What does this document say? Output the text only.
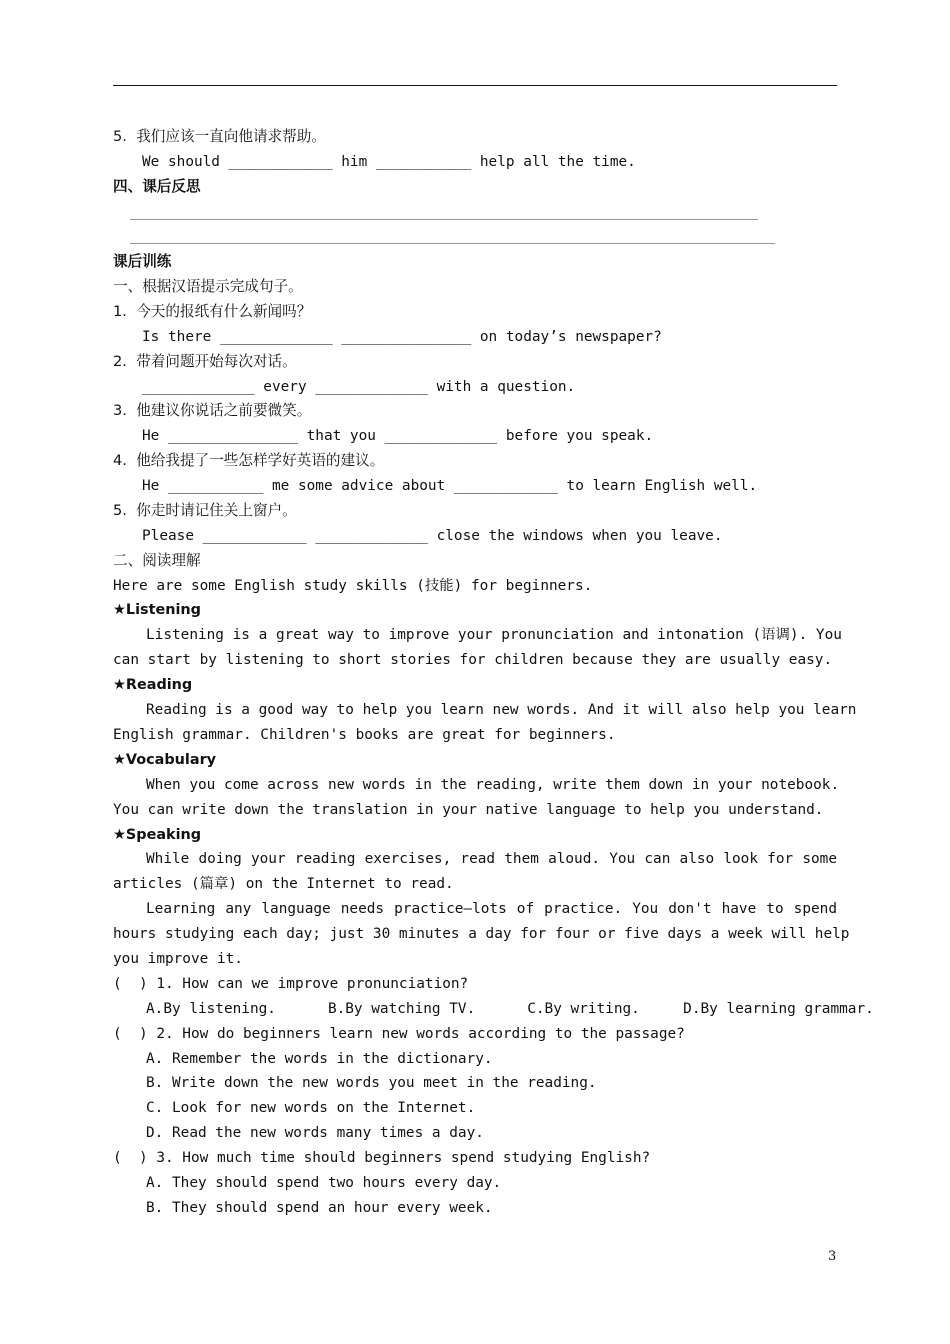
5.  我们应该一直向他请求帮助。
We should ____________ him ___________ help all the time.
四、课后反思
课后训练
一、根据汉语提示完成句子。
1.  今天的报纸有什么新闻吗？
Is there _____________ _______________ on today’s newspaper?
2.  带着问题开始每次对话。
_____________ every _____________ with a question.
3.  他建议你说话之前要微笑。
He _______________ that you _____________ before you speak.
4.  他给我提了一些怎样学好英语的建议。
He ___________ me some advice about ____________ to learn English well.
5.  你走时请记住关上窗户。
Please ____________ _____________ close the windows when you leave.
二、阅读理解
Here are some English study skills (技能) for beginners.
★Listening
Listening is a great way to improve your pronunciation and intonation (语调). You
can start by listening to short stories for children because they are usually easy.
★Reading
Reading is a good way to help you learn new words. And it will also help you learn
English grammar. Children's books are great for beginners.
★Vocabulary
When you come across new words in the reading, write them down in your notebook.
You can write down the translation in your native language to help you understand.
★Speaking
While doing your reading exercises, read them aloud. You can also look for some
articles (篇章) on the Internet to read.
Learning any language needs practice—lots of practice. You don't have to spend
hours studying each day; just 30 minutes a day for four or five days a week will help
you improve it.
(  ) 1. How can we improve pronunciation?
A.By listening.      B.By watching TV.      C.By writing.     D.By learning grammar.
(  ) 2. How do beginners learn new words according to the passage?
A. Remember the words in the dictionary.
B. Write down the new words you meet in the reading.
C. Look for new words on the Internet.
D. Read the new words many times a day.
(  ) 3. How much time should beginners spend studying English?
A. They should spend two hours every day.
B. They should spend an hour every week.
3
